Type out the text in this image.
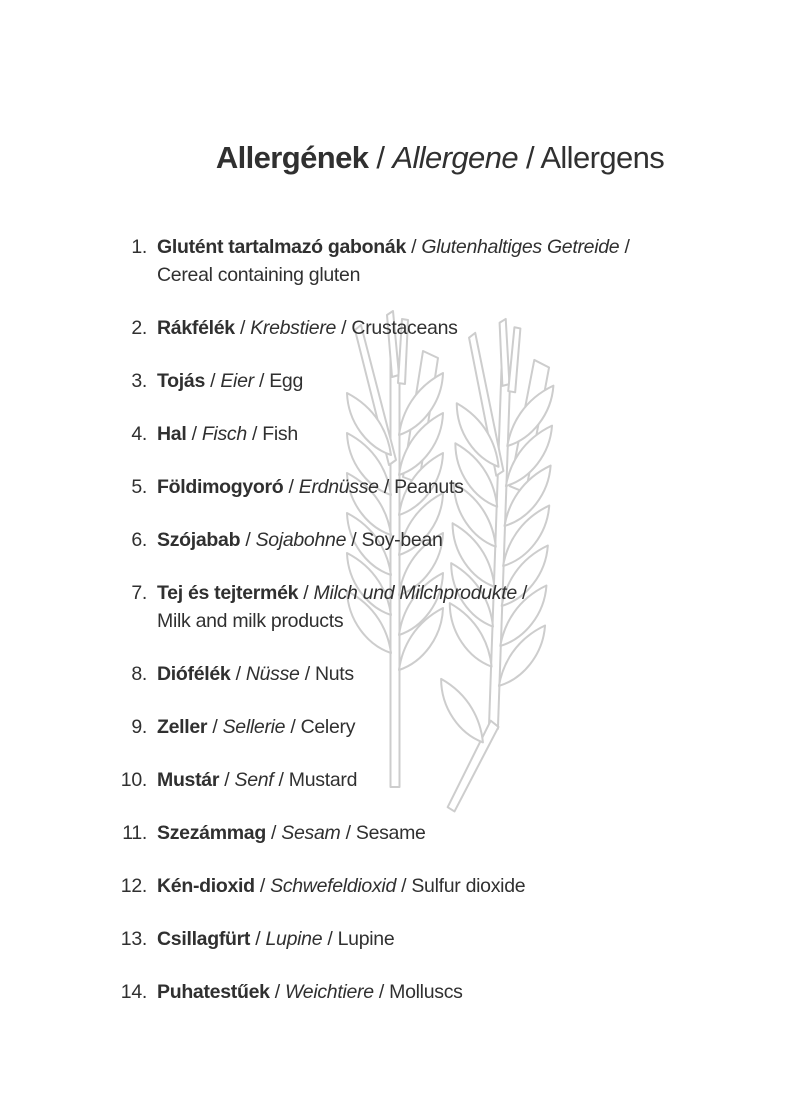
Allergének / Allergene / Allergens
1. Glutént tartalmazó gabonák / Glutenhaltiges Getreide /
Cereal containing gluten
2. Rákfélék / Krebstiere / Crustaceans
3. Tojás / Eier / Egg
4. Hal / Fisch / Fish
5. Földimogyoró / Erdnüsse / Peanuts
6. Szójabab / Sojabohne / Soy-bean
7. Tej és tejtermék / Milch und Milchprodukte /
Milk and milk products
8. Diófélék / Nüsse / Nuts
9. Zeller / Sellerie / Celery
10. Mustár / Senf / Mustard
11. Szezámmag / Sesam / Sesame
12. Kén-dioxid / Schwefeldioxid / Sulfur dioxide
13. Csillagfürt / Lupine / Lupine
14. Puhatestűek / Weichtiere / Molluscs
